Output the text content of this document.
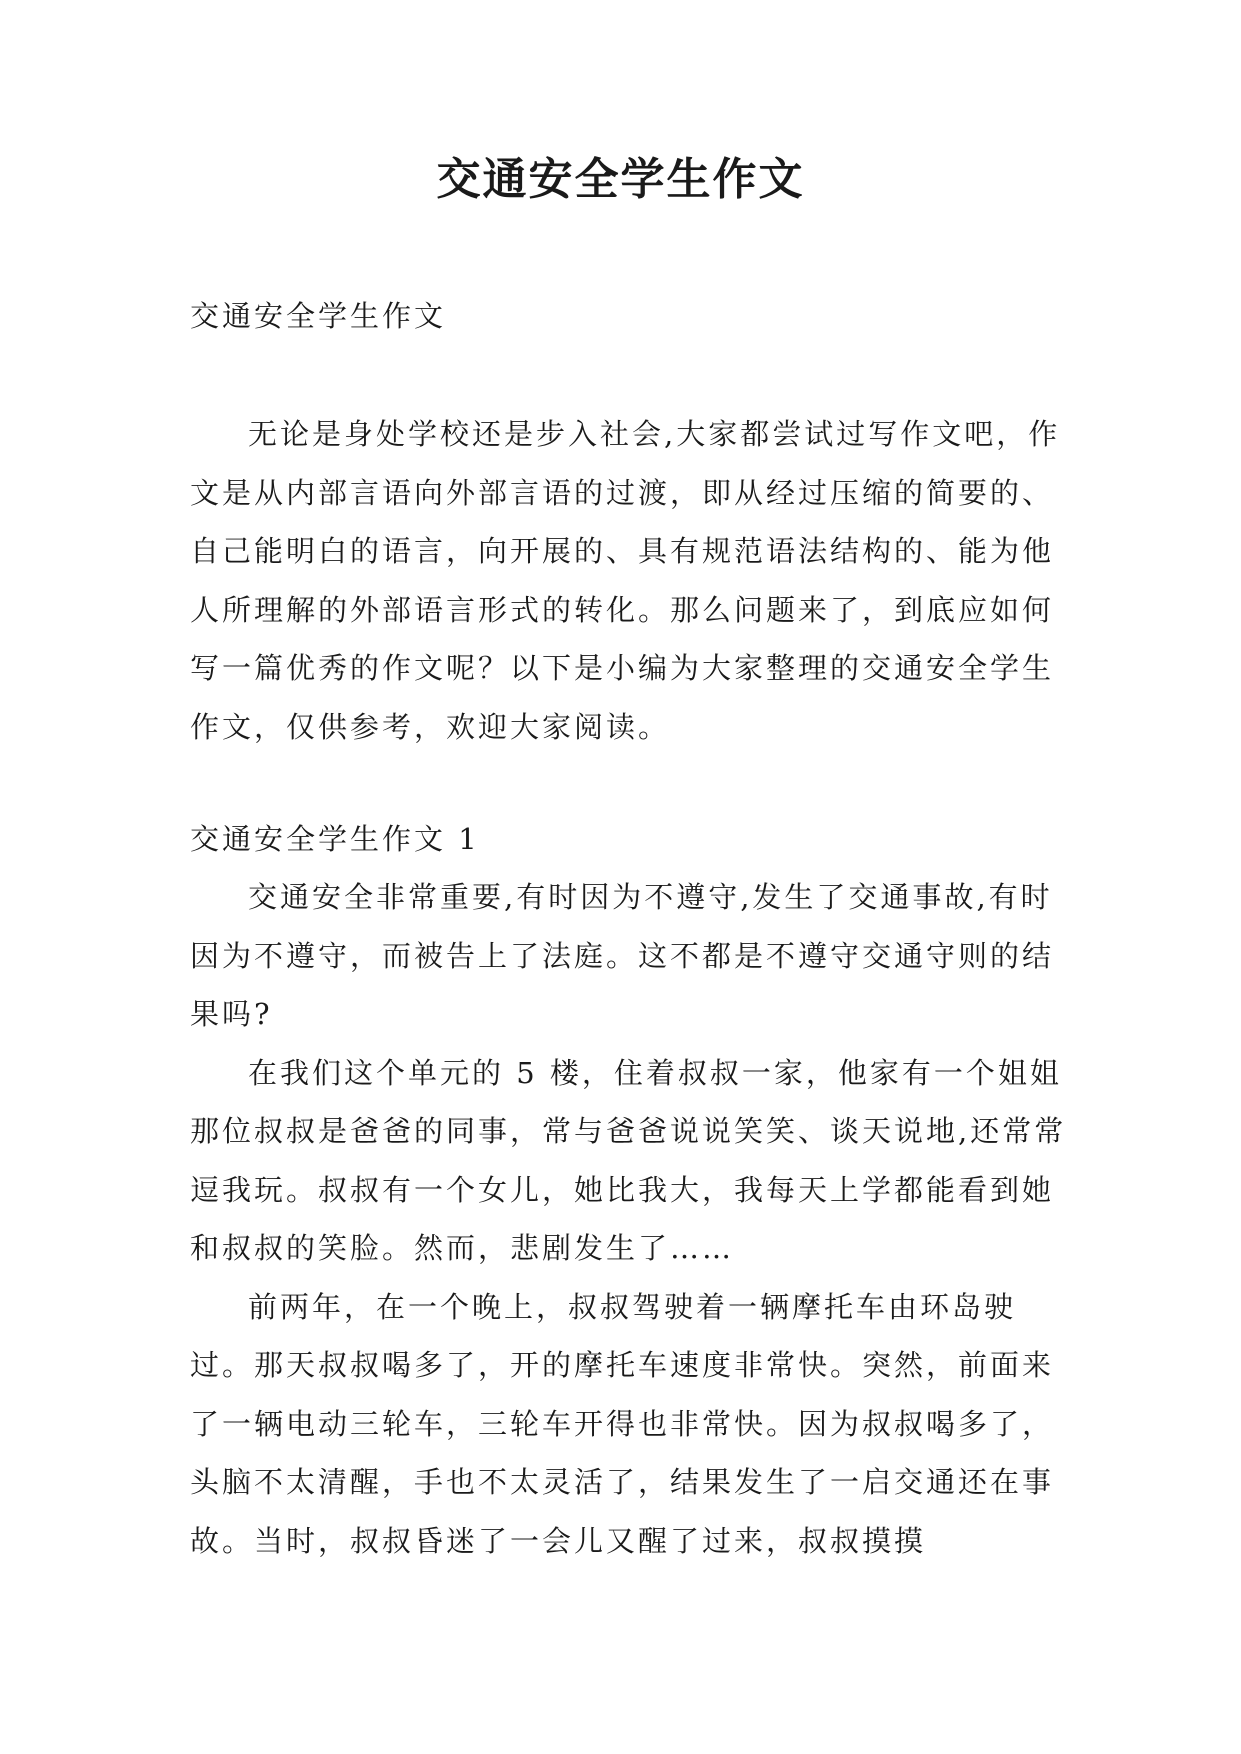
交通安全学生作文
交通安全学生作文
无论是身处学校还是步入社会,大家都尝试过写作文吧，作文是从内部言语向外部言语的过渡，即从经过压缩的简要的、自己能明白的语言，向开展的、具有规范语法结构的、能为他人所理解的外部语言形式的转化。那么问题来了，到底应如何写一篇优秀的作文呢？以下是小编为大家整理的交通安全学生作文，仅供参考，欢迎大家阅读。
交通安全学生作文 1

交通安全非常重要,有时因为不遵守,发生了交通事故,有时因为不遵守，而被告上了法庭。这不都是不遵守交通守则的结果吗?

在我们这个单元的 5 楼，住着叔叔一家，他家有一个姐姐那位叔叔是爸爸的同事，常与爸爸说说笑笑、谈天说地,还常常逗我玩。叔叔有一个女儿，她比我大，我每天上学都能看到她和叔叔的笑脸。然而，悲剧发生了……

前两年，在一个晚上，叔叔驾驶着一辆摩托车由环岛驶过。那天叔叔喝多了，开的摩托车速度非常快。突然，前面来了一辆电动三轮车，三轮车开得也非常快。因为叔叔喝多了，头脑不太清醒，手也不太灵活了，结果发生了一启交通还在事故。当时，叔叔昏迷了一会儿又醒了过来，叔叔摸摸
